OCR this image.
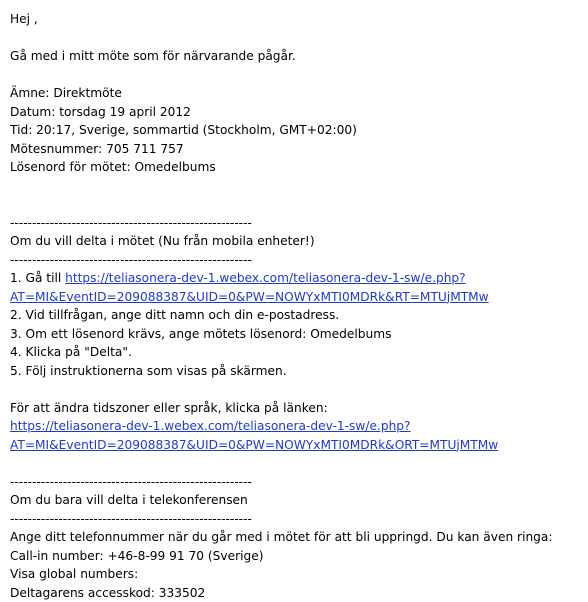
Hej ,
Gå med i mitt möte som för närvarande pågår.
Ämne: Direktmöte
Datum: torsdag 19 april 2012
Tid: 20:17, Sverige, sommartid (Stockholm, GMT+02:00)
Mötesnummer: 705 711 757
Lösenord för mötet: Omedelbums
-------------------------------------------------------
Om du vill delta i mötet (Nu från mobila enheter!)
-------------------------------------------------------
1. Gå till https://teliasonera-dev-1.webex.com/teliasonera-dev-1-sw/e.php?
AT=MI&EventID=209088387&UID=0&PW=NOWYxMTI0MDRk&RT=MTUjMTMw
2. Vid tillfrågan, ange ditt namn och din e-postadress.
3. Om ett lösenord krävs, ange mötets lösenord: Omedelbums
4. Klicka på "Delta".
5. Följ instruktionerna som visas på skärmen.
För att ändra tidszoner eller språk, klicka på länken:
https://teliasonera-dev-1.webex.com/teliasonera-dev-1-sw/e.php?
AT=MI&EventID=209088387&UID=0&PW=NOWYxMTI0MDRk&ORT=MTUjMTMw
-------------------------------------------------------
Om du bara vill delta i telekonferensen
-------------------------------------------------------
Ange ditt telefonnummer när du går med i mötet för att bli uppringd. Du kan även ringa:
Call-in number: +46-8-99 91 70 (Sverige)
Visa global numbers:
Deltagarens accesskod: 333502
